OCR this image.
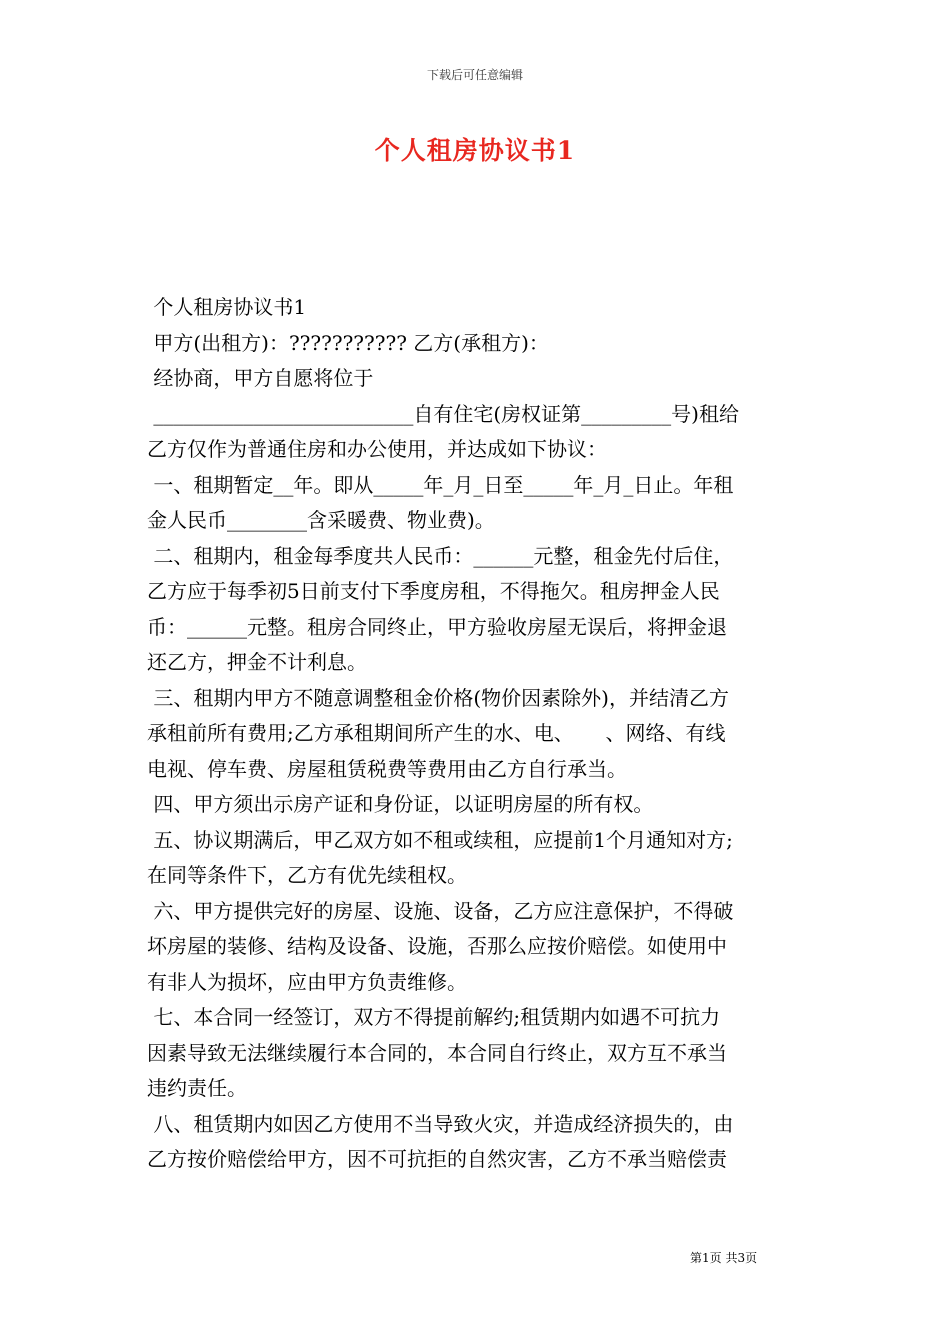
下载后可任意编辑
个人租房协议书1
个人租房协议书1
甲方(出租方)：??????????? 乙方(承租方)：
经协商，甲方自愿将位于
__________________________自有住宅(房权证第_________号)租给
乙方仅作为普通住房和办公使用，并达成如下协议：
一、租期暂定__年。即从_____年_月_日至_____年_月_日止。年租
金人民币________含采暖费、物业费)。
二、租期内，租金每季度共人民币：______元整，租金先付后住，
乙方应于每季初5日前支付下季度房租，不得拖欠。租房押金人民
币：______元整。租房合同终止，甲方验收房屋无误后，将押金退
还乙方，押金不计利息。
三、租期内甲方不随意调整租金价格(物价因素除外)，并结清乙方
承租前所有费用;乙方承租期间所产生的水、电、     、网络、有线
电视、停车费、房屋租赁税费等费用由乙方自行承当。
四、甲方须出示房产证和身份证，以证明房屋的所有权。
五、协议期满后，甲乙双方如不租或续租，应提前1个月通知对方;
在同等条件下，乙方有优先续租权。
六、甲方提供完好的房屋、设施、设备，乙方应注意保护，不得破
坏房屋的装修、结构及设备、设施，否那么应按价赔偿。如使用中
有非人为损坏，应由甲方负责维修。
七、本合同一经签订，双方不得提前解约;租赁期内如遇不可抗力
因素导致无法继续履行本合同的，本合同自行终止，双方互不承当
违约责任。
八、租赁期内如因乙方使用不当导致火灾，并造成经济损失的，由
乙方按价赔偿给甲方，因不可抗拒的自然灾害，乙方不承当赔偿责
第1页 共3页
